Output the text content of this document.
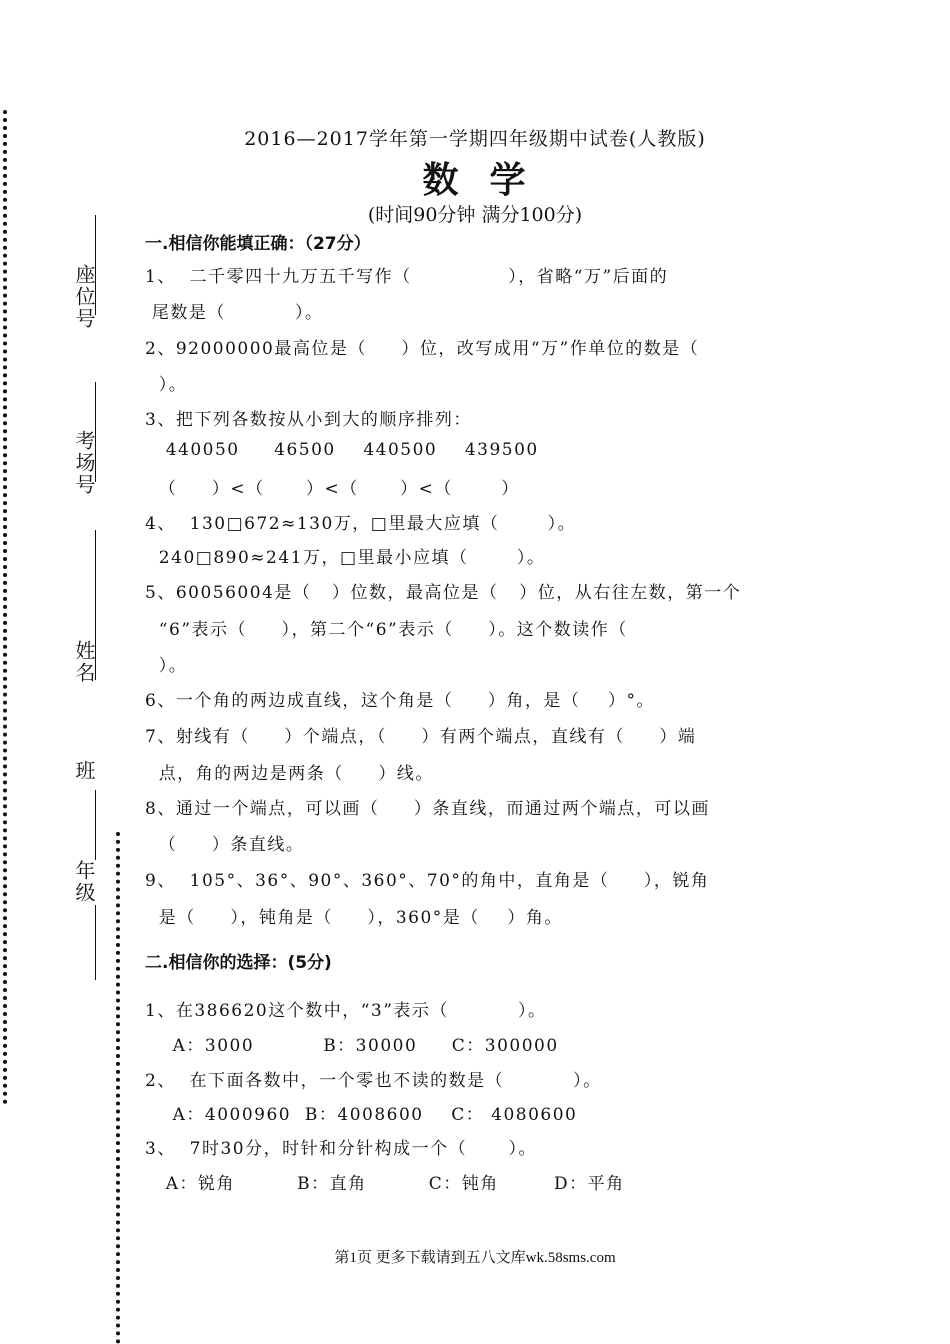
座位号
考场号
姓名
班
年级
2016—2017学年第一学期四年级期中试卷(人教版)
数  学
(时间90分钟 满分100分)
一.相信你能填正确：（27分）
1、  二千零四十九万五千写作（              ），省略“万”后面的
尾数是（          ）。
2、92000000最高位是（     ）位，改写成用“万”作单位的数是（
）。
3、把下列各数按从小到大的顺序排列：
440050     46500    440500    439500
（     ）<（      ）<（      ）<（       ）
4、  130□672≈130万，□里最大应填（       ）。
240□890≈241万，□里最小应填（       ）。
5、60056004是（   ）位数，最高位是（   ）位，从右往左数，第一个
“6”表示（     ），第二个“6”表示（     ）。这个数读作（
）。
6、一个角的两边成直线，这个角是（     ）角，是（    ）°。
7、射线有（     ）个端点，（     ）有两个端点，直线有（     ）端
点，角的两边是两条（     ）线。
8、通过一个端点，可以画（     ）条直线，而通过两个端点，可以画
（     ）条直线。
9、  105°、36°、90°、360°、70°的角中，直角是（     ），锐角
是（     ），钝角是（     ），360°是（    ）角。
二.相信你的选择：(5分)
1、在386620这个数中，“3”表示（          ）。
A：3000          B：30000     C：300000
2、  在下面各数中，一个零也不读的数是（          ）。
A：4000960  B：4008600    C： 4080600
3、  7时30分，时针和分针构成一个（      ）。
A：锐角         B：直角         C：钝角        D：平角
第1页 更多下载请到五八文库wk.58sms.com
